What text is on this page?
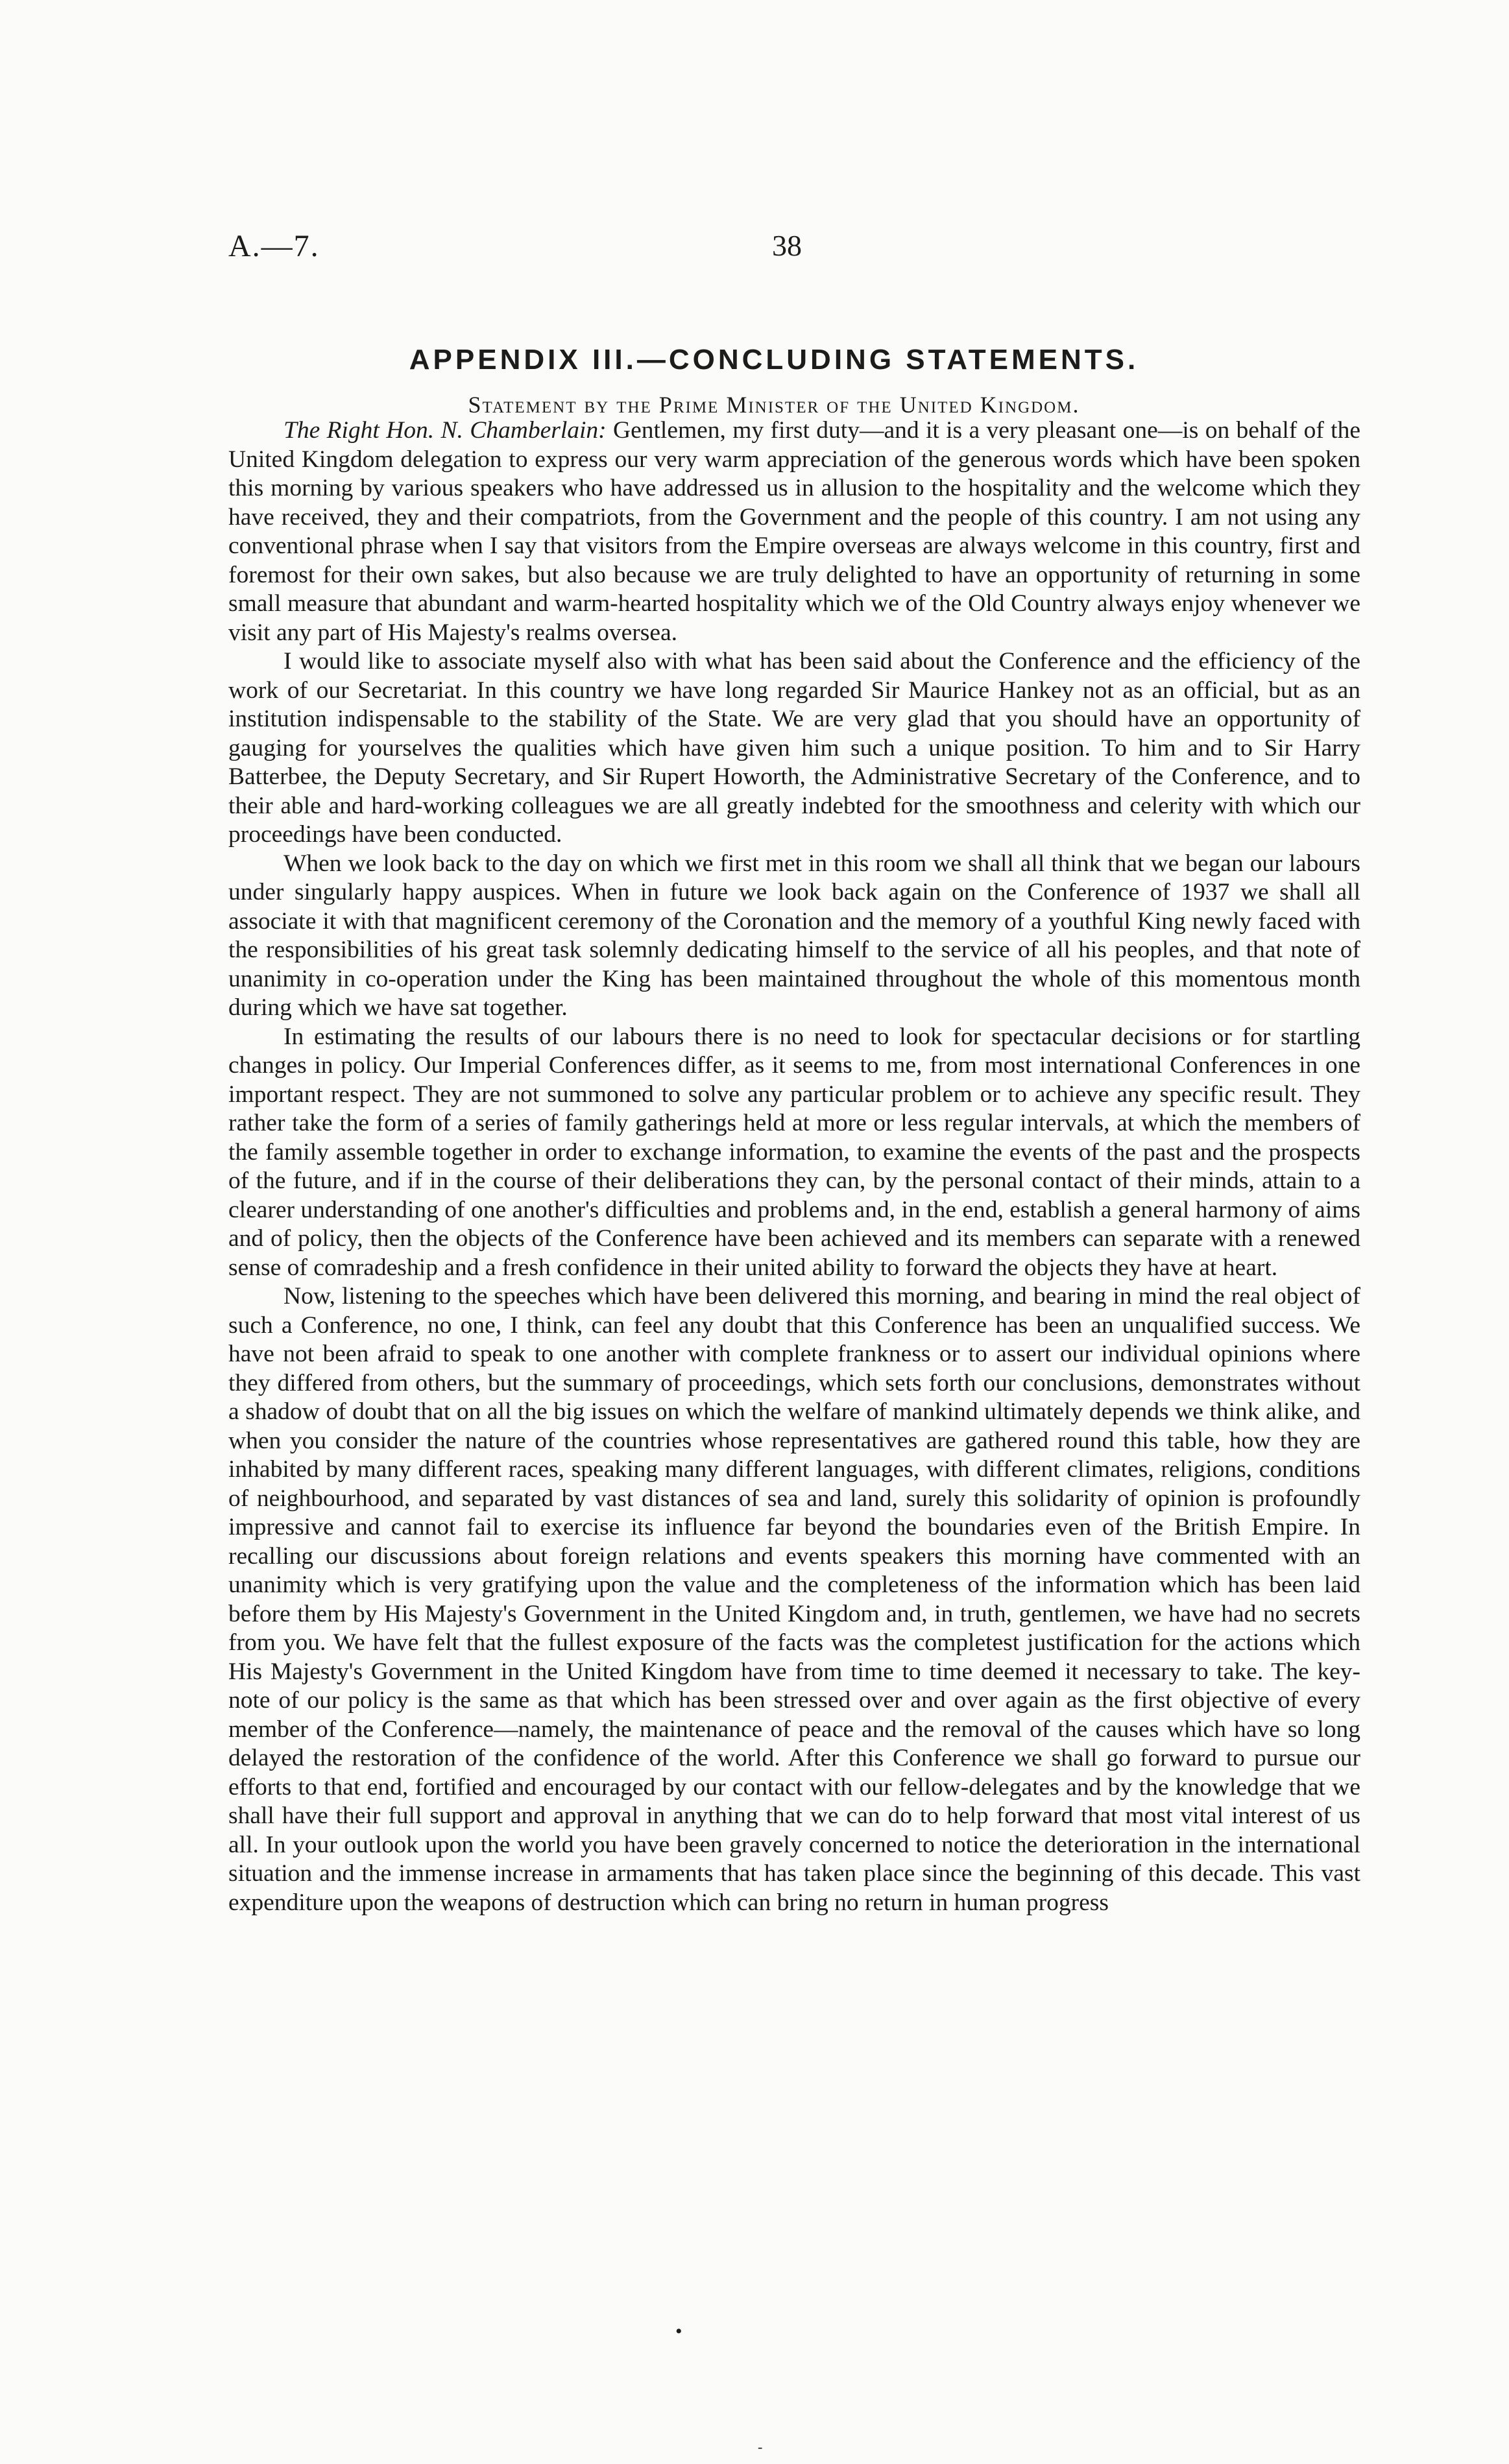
A.—7.	38
APPENDIX III.—CONCLUDING STATEMENTS.
Statement by the Prime Minister of the United Kingdom.

The Right Hon. N. Chamberlain: Gentlemen, my first duty—and it is a very pleasant one—is on behalf of the United Kingdom delegation to express our very warm appreciation of the generous words which have been spoken this morning by various speakers who have addressed us in allusion to the hospitality and the welcome which they have received, they and their compatriots, from the Government and the people of this country. I am not using any conventional phrase when I say that visitors from the Empire overseas are always welcome in this country, first and foremost for their own sakes, but also because we are truly delighted to have an opportunity of returning in some small measure that abundant and warm-hearted hospitality which we of the Old Country always enjoy whenever we visit any part of His Majesty's realms oversea.

I would like to associate myself also with what has been said about the Conference and the efficiency of the work of our Secretariat. In this country we have long regarded Sir Maurice Hankey not as an official, but as an institution indispensable to the stability of the State. We are very glad that you should have an opportunity of gauging for yourselves the qualities which have given him such a unique position. To him and to Sir Harry Batterbee, the Deputy Secretary, and Sir Rupert Howorth, the Administrative Secretary of the Conference, and to their able and hard-working colleagues we are all greatly indebted for the smoothness and celerity with which our proceedings have been conducted.

When we look back to the day on which we first met in this room we shall all think that we began our labours under singularly happy auspices. When in future we look back again on the Conference of 1937 we shall all associate it with that magnificent ceremony of the Coronation and the memory of a youthful King newly faced with the responsibilities of his great task solemnly dedicating himself to the service of all his peoples, and that note of unanimity in co-operation under the King has been maintained throughout the whole of this momentous month during which we have sat together.

In estimating the results of our labours there is no need to look for spectacular decisions or for startling changes in policy. Our Imperial Conferences differ, as it seems to me, from most international Conferences in one important respect. They are not summoned to solve any particular problem or to achieve any specific result. They rather take the form of a series of family gatherings held at more or less regular intervals, at which the members of the family assemble together in order to exchange information, to examine the events of the past and the prospects of the future, and if in the course of their deliberations they can, by the personal contact of their minds, attain to a clearer understanding of one another's difficulties and problems and, in the end, establish a general harmony of aims and of policy, then the objects of the Conference have been achieved and its members can separate with a renewed sense of comradeship and a fresh confidence in their united ability to forward the objects they have at heart.

Now, listening to the speeches which have been delivered this morning, and bearing in mind the real object of such a Conference, no one, I think, can feel any doubt that this Conference has been an unqualified success. We have not been afraid to speak to one another with complete frankness or to assert our individual opinions where they differed from others, but the summary of proceedings, which sets forth our conclusions, demonstrates without a shadow of doubt that on all the big issues on which the welfare of mankind ultimately depends we think alike, and when you consider the nature of the countries whose representatives are gathered round this table, how they are inhabited by many different races, speaking many different languages, with different climates, religions, conditions of neighbourhood, and separated by vast distances of sea and land, surely this solidarity of opinion is profoundly impressive and cannot fail to exercise its influence far beyond the boundaries even of the British Empire. In recalling our discussions about foreign relations and events speakers this morning have commented with an unanimity which is very gratifying upon the value and the completeness of the information which has been laid before them by His Majesty's Government in the United Kingdom and, in truth, gentlemen, we have had no secrets from you. We have felt that the fullest exposure of the facts was the completest justification for the actions which His Majesty's Government in the United Kingdom have from time to time deemed it necessary to take. The key-note of our policy is the same as that which has been stressed over and over again as the first objective of every member of the Conference—namely, the maintenance of peace and the removal of the causes which have so long delayed the restoration of the confidence of the world. After this Conference we shall go forward to pursue our efforts to that end, fortified and encouraged by our contact with our fellow-delegates and by the knowledge that we shall have their full support and approval in anything that we can do to help forward that most vital interest of us all. In your outlook upon the world you have been gravely concerned to notice the deterioration in the international situation and the immense increase in armaments that has taken place since the beginning of this decade. This vast expenditure upon the weapons of destruction which can bring no return in human progress

•
-
